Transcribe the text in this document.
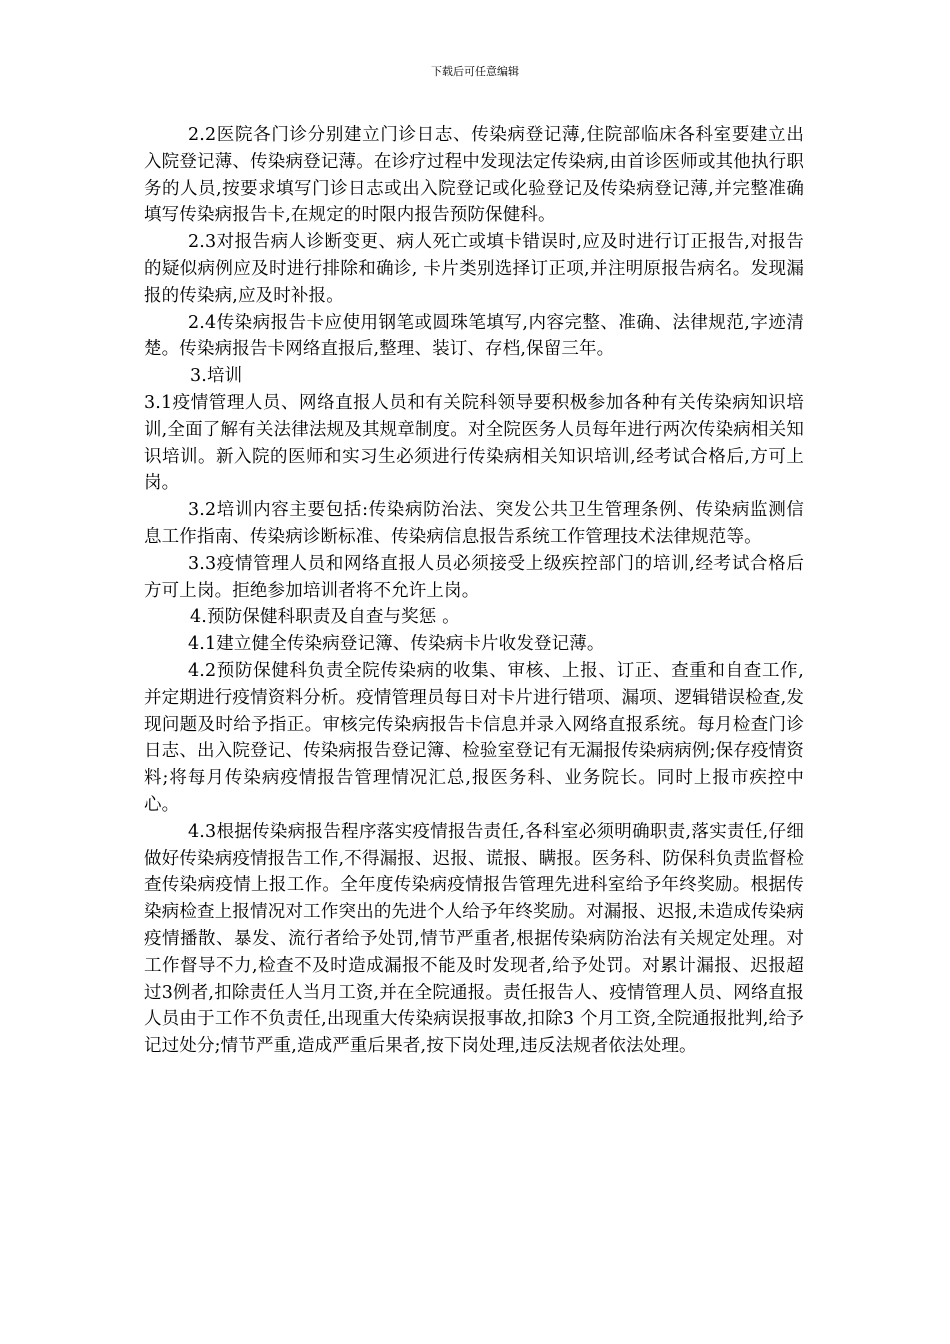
下载后可任意编辑

2.2医院各门诊分别建立门诊日志、传染病登记薄,住院部临床各科室要建立出入院登记薄、传染病登记薄。在诊疗过程中发现法定传染病,由首诊医师或其他执行职务的人员,按要求填写门诊日志或出入院登记或化验登记及传染病登记薄,并完整准确填写传染病报告卡,在规定的时限内报告预防保健科。

2.3对报告病人诊断变更、病人死亡或填卡错误时,应及时进行订正报告,对报告的疑似病例应及时进行排除和确诊, 卡片类别选择订正项,并注明原报告病名。发现漏报的传染病,应及时补报。

2.4传染病报告卡应使用钢笔或圆珠笔填写,内容完整、准确、法律规范,字迹清楚。传染病报告卡网络直报后,整理、装订、存档,保留三年。

3.培训

3.1疫情管理人员、网络直报人员和有关院科领导要积极参加各种有关传染病知识培训,全面了解有关法律法规及其规章制度。对全院医务人员每年进行两次传染病相关知识培训。新入院的医师和实习生必须进行传染病相关知识培训,经考试合格后,方可上岗。

3.2培训内容主要包括:传染病防治法、突发公共卫生管理条例、传染病监测信息工作指南、传染病诊断标准、传染病信息报告系统工作管理技术法律规范等。

3.3疫情管理人员和网络直报人员必须接受上级疾控部门的培训,经考试合格后方可上岗。拒绝参加培训者将不允许上岗。

4.预防保健科职责及自查与奖惩 。

4.1建立健全传染病登记簿、传染病卡片收发登记薄。

4.2预防保健科负责全院传染病的收集、审核、上报、订正、查重和自查工作,并定期进行疫情资料分析。疫情管理员每日对卡片进行错项、漏项、逻辑错误检查,发现问题及时给予指正。审核完传染病报告卡信息并录入网络直报系统。每月检查门诊日志、出入院登记、传染病报告登记簿、检验室登记有无漏报传染病病例;保存疫情资料;将每月传染病疫情报告管理情况汇总,报医务科、业务院长。同时上报市疾控中心。

4.3根据传染病报告程序落实疫情报告责任,各科室必须明确职责,落实责任,仔细做好传染病疫情报告工作,不得漏报、迟报、谎报、瞒报。医务科、防保科负责监督检查传染病疫情上报工作。全年度传染病疫情报告管理先进科室给予年终奖励。根据传染病检查上报情况对工作突出的先进个人给予年终奖励。对漏报、迟报,未造成传染病疫情播散、暴发、流行者给予处罚,情节严重者,根据传染病防治法有关规定处理。对工作督导不力,检查不及时造成漏报不能及时发现者,给予处罚。对累计漏报、迟报超过3例者,扣除责任人当月工资,并在全院通报。责任报告人、疫情管理人员、网络直报人员由于工作不负责任,出现重大传染病误报事故,扣除3 个月工资,全院通报批判,给予记过处分;情节严重,造成严重后果者,按下岗处理,违反法规者依法处理。
